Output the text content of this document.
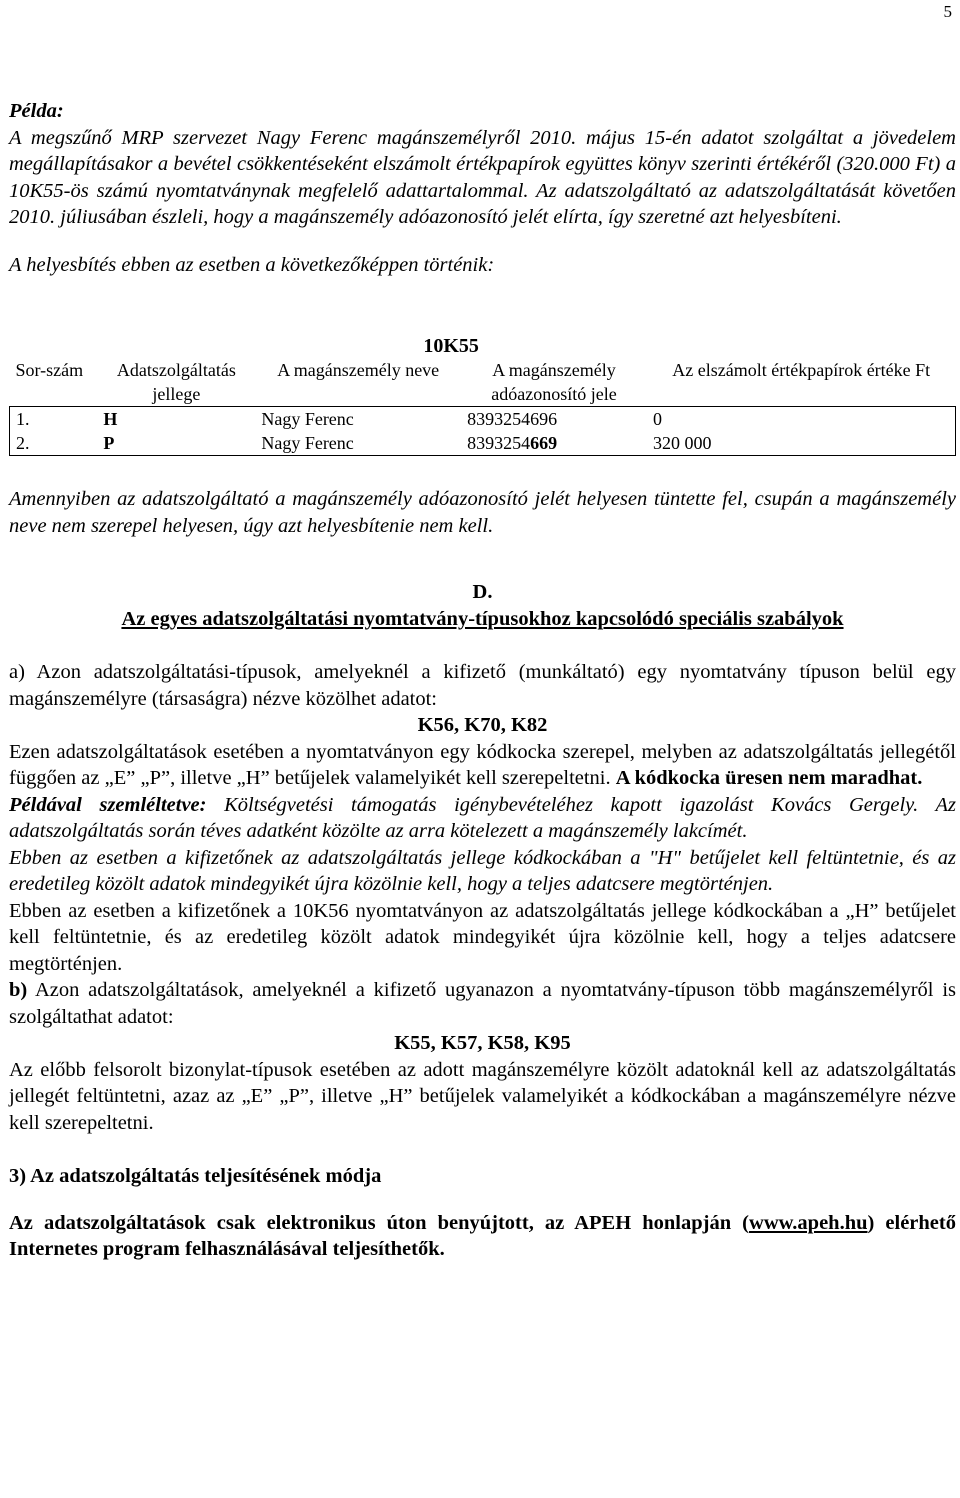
5

Példa:

A megszűnő MRP szervezet Nagy Ferenc magánszemélyről 2010. május 15-én adatot szolgáltat a jövedelem megállapításakor a bevétel csökkentéseként elszámolt értékpapírok együttes könyv szerinti értékéről (320.000 Ft) a 10K55-ös számú nyomtatványnak megfelelő adattartalommal. Az adatszolgáltató az adatszolgáltatását követően 2010. júliusában észleli, hogy a magánszemély adóazonosító jelét elírta, így szeretné azt helyesbíteni.

A helyesbítés ebben az esetben a következőképpen történik:

		10K55		
Sor-szám	Adatszolgáltatás jellege	A magánszemély neve	A magánszemély adóazonosító jele	Az elszámolt értékpapírok értéke Ft
1.	H	Nagy Ferenc	8393254696	0
2.	P	Nagy Ferenc	8393254669	320 000

Amennyiben az adatszolgáltató a magánszemély adóazonosító jelét helyesen tüntette fel, csupán a magánszemély neve nem szerepel helyesen, úgy azt helyesbítenie nem kell.

D.

Az egyes adatszolgáltatási nyomtatvány-típusokhoz kapcsolódó speciális szabályok

a) Azon adatszolgáltatási-típusok, amelyeknél a kifizető (munkáltató) egy nyomtatvány típuson belül egy magánszemélyre (társaságra) nézve közölhet adatot:

K56, K70, K82

Ezen adatszolgáltatások esetében a nyomtatványon egy kódkocka szerepel, melyben az adatszolgáltatás jellegétől függően az „E” „P”, illetve „H” betűjelek valamelyikét kell szerepeltetni. A kódkocka üresen nem maradhat.

Példával szemléltetve: Költségvetési támogatás igénybevételéhez kapott igazolást Kovács Gergely. Az adatszolgáltatás során téves adatként közölte az arra kötelezett a magánszemély lakcímét.

Ebben az esetben a kifizetőnek az adatszolgáltatás jellege kódkockában a "H" betűjelet kell feltüntetnie, és az eredetileg közölt adatok mindegyikét újra közölnie kell, hogy a teljes adatcsere megtörténjen.

Ebben az esetben a kifizetőnek a 10K56 nyomtatványon az adatszolgáltatás jellege kódkockában a „H” betűjelet kell feltüntetnie, és az eredetileg közölt adatok mindegyikét újra közölnie kell, hogy a teljes adatcsere megtörténjen.

b) Azon adatszolgáltatások, amelyeknél a kifizető ugyanazon a nyomtatvány-típuson több magánszemélyről is szolgáltathat adatot:

K55, K57, K58, K95

Az előbb felsorolt bizonylat-típusok esetében az adott magánszemélyre közölt adatoknál kell az adatszolgáltatás jellegét feltüntetni, azaz az „E” „P”, illetve „H” betűjelek valamelyikét a kódkockában a magánszemélyre nézve kell szerepeltetni.

3) Az adatszolgáltatás teljesítésének módja

Az adatszolgáltatások csak elektronikus úton benyújtott, az APEH honlapján (www.apeh.hu) elérhető Internetes program felhasználásával teljesíthetők.
